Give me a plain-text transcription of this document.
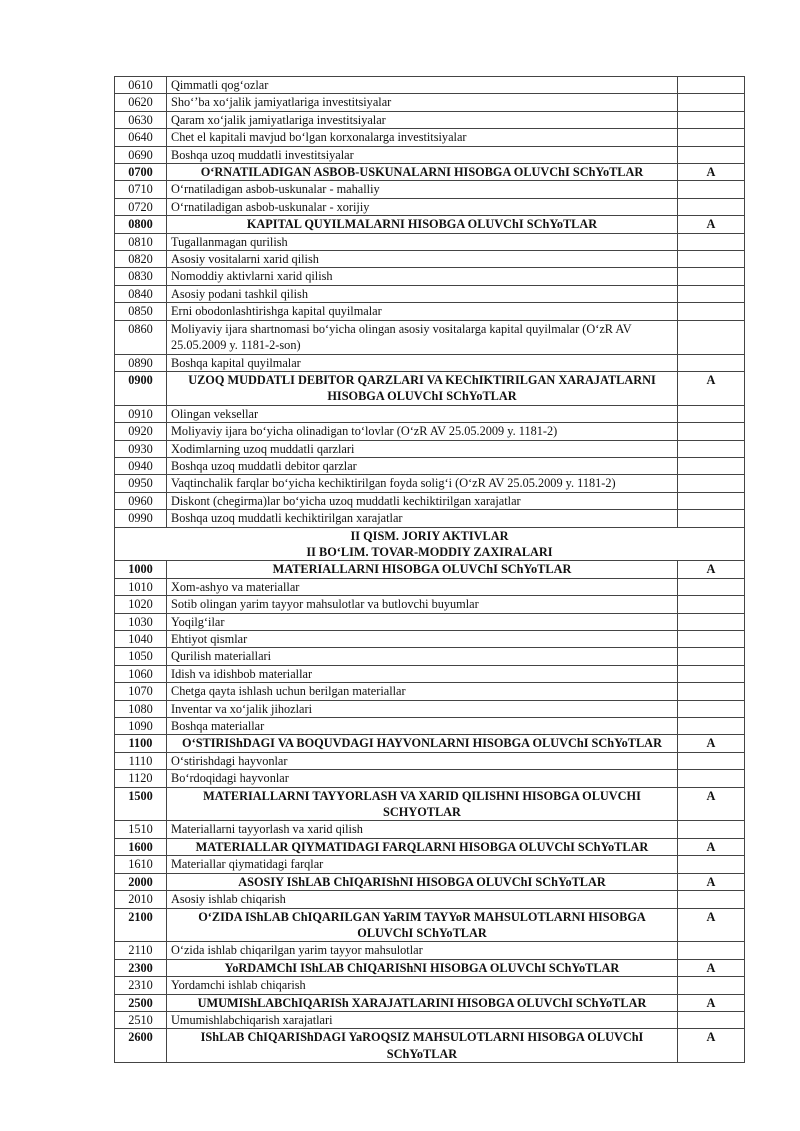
0610	Qimmatli qog‘ozlar	
0620	Sho‘’ba xo‘jalik jamiyatlariga investitsiyalar	
0630	Qaram xo‘jalik jamiyatlariga investitsiyalar	
0640	Chet el kapitali mavjud bo‘lgan korxonalarga investitsiyalar	
0690	Boshqa uzoq muddatli investitsiyalar	
0700	O‘RNATILADIGAN ASBOB-USKUNALARNI HISOBGA OLUVChI SChYoTLAR	A
0710	O‘rnatiladigan asbob-uskunalar - mahalliy	
0720	O‘rnatiladigan asbob-uskunalar - xorijiy	
0800	KAPITAL QUYILMALARNI HISOBGA OLUVChI SChYoTLAR	A
0810	Tugallanmagan qurilish	
0820	Asosiy vositalarni xarid qilish	
0830	Nomoddiy aktivlarni xarid qilish	
0840	Asosiy podani tashkil qilish	
0850	Erni obodonlashtirishga kapital quyilmalar	
0860	Moliyaviy ijara shartnomasi bo‘yicha olingan asosiy vositalarga kapital quyilmalar (O‘zR AV 25.05.2009 y. 1181-2-son)	
0890	Boshqa kapital quyilmalar	
0900	UZOQ MUDDATLI DEBITOR QARZLARI VA KEChIKTIRILGAN XARAJATLARNI HISOBGA OLUVChI SChYoTLAR	A
0910	Olingan veksellar	
0920	Moliyaviy ijara bo‘yicha olinadigan to‘lovlar (O‘zR AV 25.05.2009 y. 1181-2)	
0930	Xodimlarning uzoq muddatli qarzlari	
0940	Boshqa uzoq muddatli debitor qarzlar	
0950	Vaqtinchalik farqlar bo‘yicha kechiktirilgan foyda solig‘i (O‘zR AV 25.05.2009 y. 1181-2)	
0960	Diskont (chegirma)lar bo‘yicha uzoq muddatli kechiktirilgan xarajatlar	
0990	Boshqa uzoq muddatli kechiktirilgan xarajatlar	
II QISM. JORIY AKTIVLAR		
II BO‘LIM. TOVAR-MODDIY ZAXIRALARI		
1000	MATERIALLARNI HISOBGA OLUVChI SChYoTLAR	A
1010	Xom-ashyo va materiallar	
1020	Sotib olingan yarim tayyor mahsulotlar va butlovchi buyumlar	
1030	Yoqilg‘ilar	
1040	Ehtiyot qismlar	
1050	Qurilish materiallari	
1060	Idish va idishbob materiallar	
1070	Chetga qayta ishlash uchun berilgan materiallar	
1080	Inventar va xo‘jalik jihozlari	
1090	Boshqa materiallar	
1100	O‘STIRIShDAGI VA BOQUVDAGI HAYVONLARNI HISOBGA OLUVChI SChYoTLAR	A
1110	O‘stirishdagi hayvonlar	
1120	Bo‘rdoqidagi hayvonlar	
1500	MATERIALLARNI TAYYORLASH VA XARID QILISHNI HISOBGA OLUVCHI SCHYOTLAR	A
1510	Materiallarni tayyorlash va xarid qilish	
1600	MATERIALLAR QIYMATIDAGI FARQLARNI HISOBGA OLUVChI SChYoTLAR	A
1610	Materiallar qiymatidagi farqlar	
2000	ASOSIY IShLAB ChIQARIShNI HISOBGA OLUVChI SChYoTLAR	A
2010	Asosiy ishlab chiqarish	
2100	O‘ZIDA IShLAB ChIQARILGAN YaRIM TAYYoR MAHSULOTLARNI HISOBGA OLUVChI SChYoTLAR	A
2110	O‘zida ishlab chiqarilgan yarim tayyor mahsulotlar	
2300	YoRDAMChI IShLAB ChIQARIShNI HISOBGA OLUVChI SChYoTLAR	A
2310	Yordamchi ishlab chiqarish	
2500	UMUMIShLABChIQARISh XARAJATLARINI HISOBGA OLUVChI SChYoTLAR	A
2510	Umumishlabchiqarish xarajatlari	
2600	IShLAB ChIQARIShDAGI YaROQSIZ MAHSULOTLARNI HISOBGA OLUVChI SChYoTLAR	A
